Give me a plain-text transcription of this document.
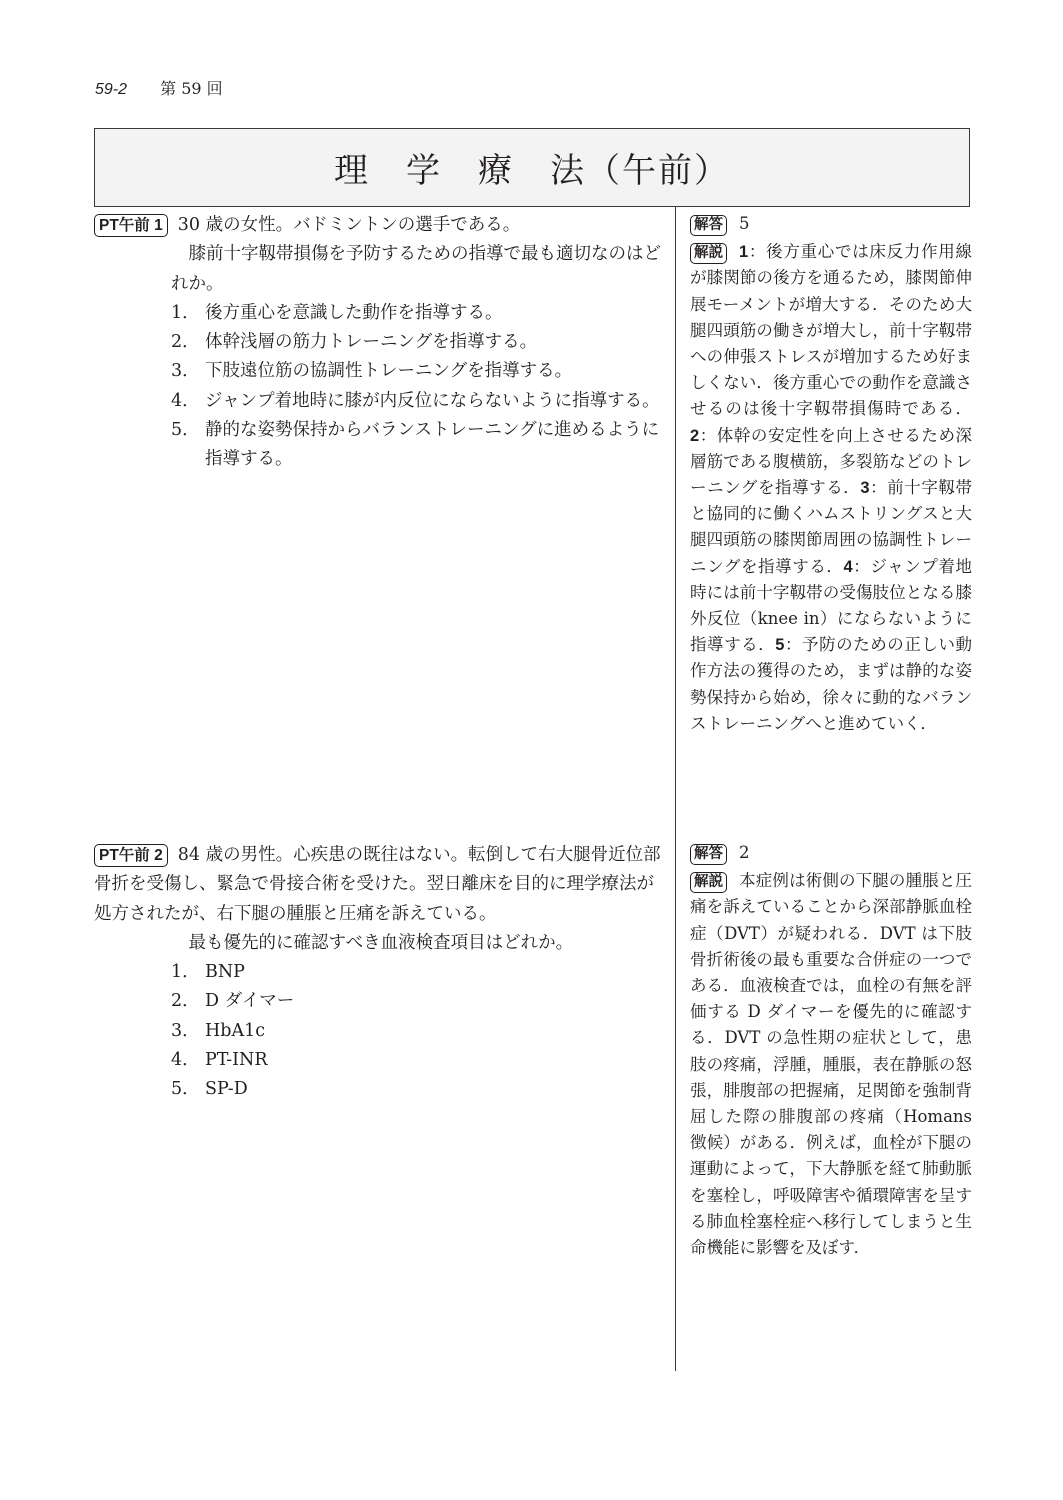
59-2 第 59 回
理　学　療　法（午前）
PT午前 1 30 歳の女性。バドミントンの選手である。

膝前十字靱帯損傷を予防するための指導で最も適切なのはどれか。

1． 後方重心を意識した動作を指導する。
2． 体幹浅層の筋力トレーニングを指導する。
3． 下肢遠位筋の協調性トレーニングを指導する。
4． ジャンプ着地時に膝が内反位にならないように指導する。
5． 静的な姿勢保持からバランストレーニングに進めるように指導する。

解答 5

解説 1：後方重心では床反力作用線が膝関節の後方を通るため，膝関節伸展モーメントが増大する．そのため大腿四頭筋の働きが増大し，前十字靱帯への伸張ストレスが増加するため好ましくない．後方重心での動作を意識させるのは後十字靱帯損傷時である．2：体幹の安定性を向上させるため深層筋である腹横筋，多裂筋などのトレーニングを指導する．3：前十字靱帯と協同的に働くハムストリングスと大腿四頭筋の膝関節周囲の協調性トレーニングを指導する．4：ジャンプ着地時には前十字靱帯の受傷肢位となる膝外反位（knee in）にならないように指導する．5：予防のための正しい動作方法の獲得のため，まずは静的な姿勢保持から始め，徐々に動的なバランストレーニングへと進めていく．

PT午前 2 84 歳の男性。心疾患の既往はない。転倒して右大腿骨近位部骨折を受傷し、緊急で骨接合術を受けた。翌日離床を目的に理学療法が処方されたが、右下腿の腫脹と圧痛を訴えている。

最も優先的に確認すべき血液検査項目はどれか。

1． BNP
2． D ダイマー
3． HbA1c
4． PT-INR
5． SP-D

解答 2

解説 本症例は術側の下腿の腫脹と圧痛を訴えていることから深部静脈血栓症（DVT）が疑われる．DVT は下肢骨折術後の最も重要な合併症の一つである．血液検査では，血栓の有無を評価する D ダイマーを優先的に確認する．DVT の急性期の症状として，患肢の疼痛，浮腫，腫脹，表在静脈の怒張，腓腹部の把握痛，足関節を強制背屈した際の腓腹部の疼痛（Homans 徴候）がある．例えば，血栓が下腿の運動によって，下大静脈を経て肺動脈を塞栓し，呼吸障害や循環障害を呈する肺血栓塞栓症へ移行してしまうと生命機能に影響を及ぼす．
